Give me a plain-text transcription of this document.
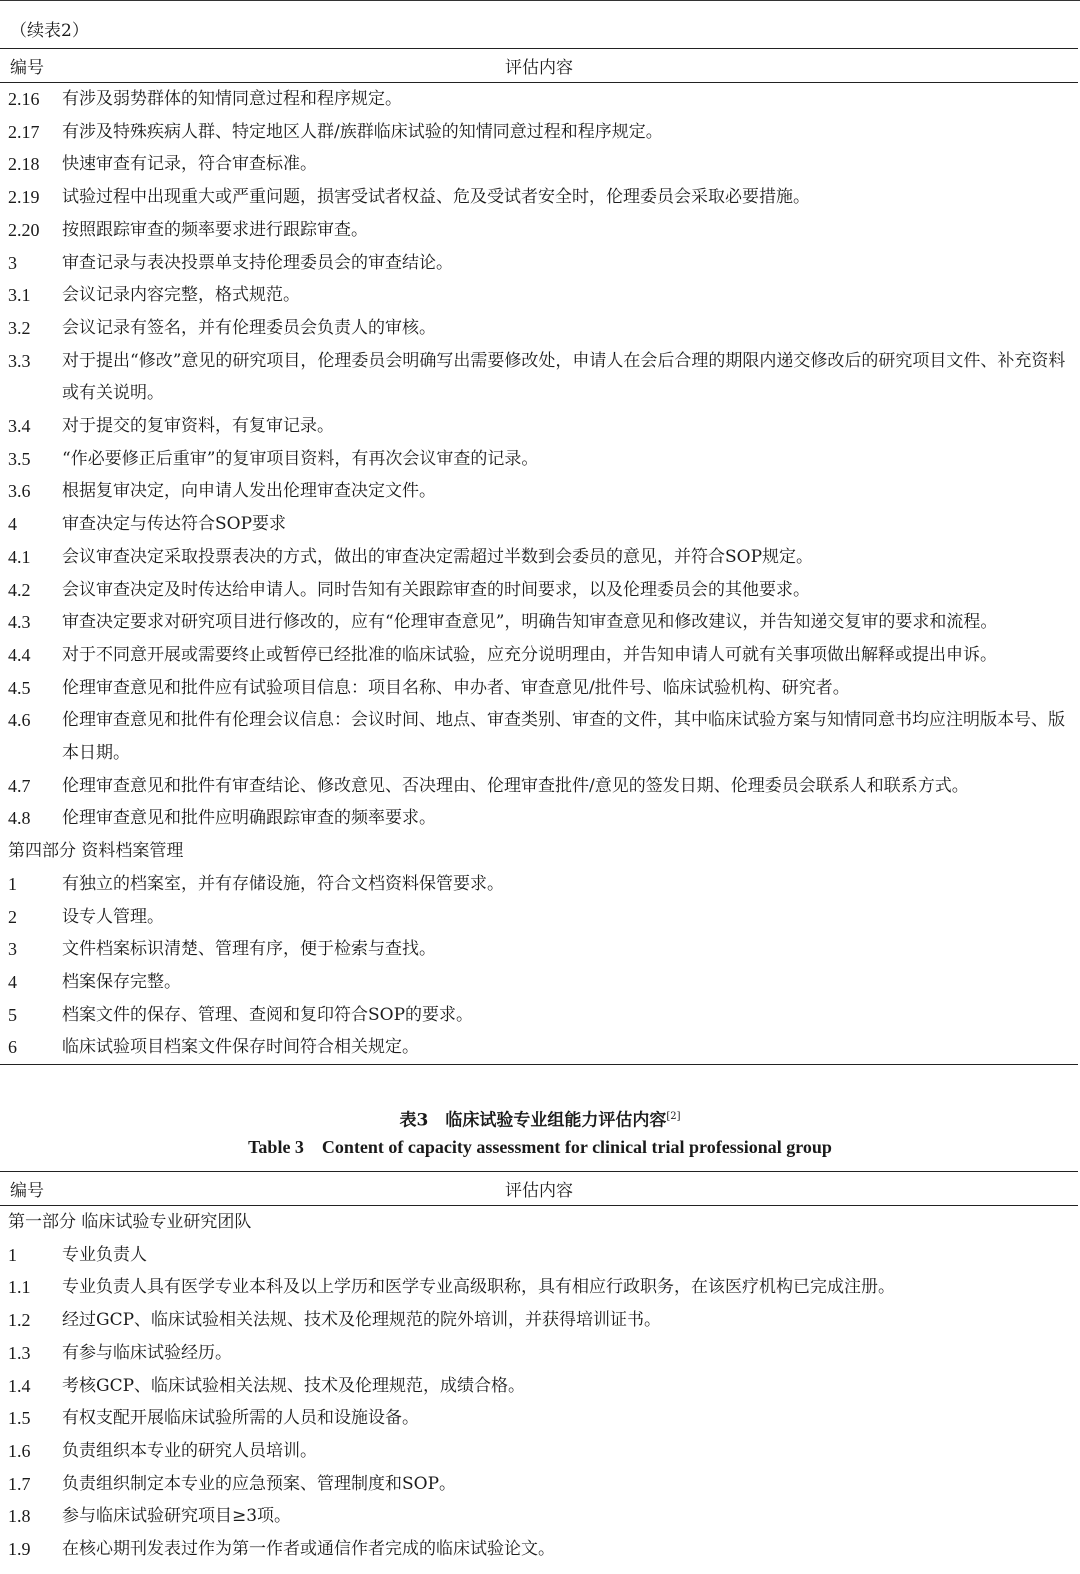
（续表2）
编号	评估内容
2.16	有涉及弱势群体的知情同意过程和程序规定。
2.17	有涉及特殊疾病人群、特定地区人群/族群临床试验的知情同意过程和程序规定。
2.18	快速审查有记录，符合审查标准。
2.19	试验过程中出现重大或严重问题，损害受试者权益、危及受试者安全时，伦理委员会采取必要措施。
2.20	按照跟踪审查的频率要求进行跟踪审查。
3	审查记录与表决投票单支持伦理委员会的审查结论。
3.1	会议记录内容完整，格式规范。
3.2	会议记录有签名，并有伦理委员会负责人的审核。
3.3	对于提出“修改”意见的研究项目，伦理委员会明确写出需要修改处，申请人在会后合理的期限内递交修改后的研究项目文件、补充资料或有关说明。
3.4	对于提交的复审资料，有复审记录。
3.5	“作必要修正后重审”的复审项目资料，有再次会议审查的记录。
3.6	根据复审决定，向申请人发出伦理审查决定文件。
4	审查决定与传达符合SOP要求
4.1	会议审查决定采取投票表决的方式，做出的审查决定需超过半数到会委员的意见，并符合SOP规定。
4.2	会议审查决定及时传达给申请人。同时告知有关跟踪审查的时间要求，以及伦理委员会的其他要求。
4.3	审查决定要求对研究项目进行修改的，应有“伦理审查意见”，明确告知审查意见和修改建议，并告知递交复审的要求和流程。
4.4	对于不同意开展或需要终止或暂停已经批准的临床试验，应充分说明理由，并告知申请人可就有关事项做出解释或提出申诉。
4.5	伦理审查意见和批件应有试验项目信息：项目名称、申办者、审查意见/批件号、临床试验机构、研究者。
4.6	伦理审查意见和批件有伦理会议信息：会议时间、地点、审查类别、审查的文件，其中临床试验方案与知情同意书均应注明版本号、版本日期。
4.7	伦理审查意见和批件有审查结论、修改意见、否决理由、伦理审查批件/意见的签发日期、伦理委员会联系人和联系方式。
4.8	伦理审查意见和批件应明确跟踪审查的频率要求。
第四部分 资料档案管理
1	有独立的档案室，并有存储设施，符合文档资料保管要求。
2	设专人管理。
3	文件档案标识清楚、管理有序，便于检索与查找。
4	档案保存完整。
5	档案文件的保存、管理、查阅和复印符合SOP的要求。
6	临床试验项目档案文件保存时间符合相关规定。
表3　临床试验专业组能力评估内容[2]
Table 3　Content of capacity assessment for clinical trial professional group
编号	评估内容
第一部分 临床试验专业研究团队
1	专业负责人
1.1	专业负责人具有医学专业本科及以上学历和医学专业高级职称，具有相应行政职务，在该医疗机构已完成注册。
1.2	经过GCP、临床试验相关法规、技术及伦理规范的院外培训，并获得培训证书。
1.3	有参与临床试验经历。
1.4	考核GCP、临床试验相关法规、技术及伦理规范，成绩合格。
1.5	有权支配开展临床试验所需的人员和设施设备。
1.6	负责组织本专业的研究人员培训。
1.7	负责组织制定本专业的应急预案、管理制度和SOP。
1.8	参与临床试验研究项目≥3项。
1.9	在核心期刊发表过作为第一作者或通信作者完成的临床试验论文。
